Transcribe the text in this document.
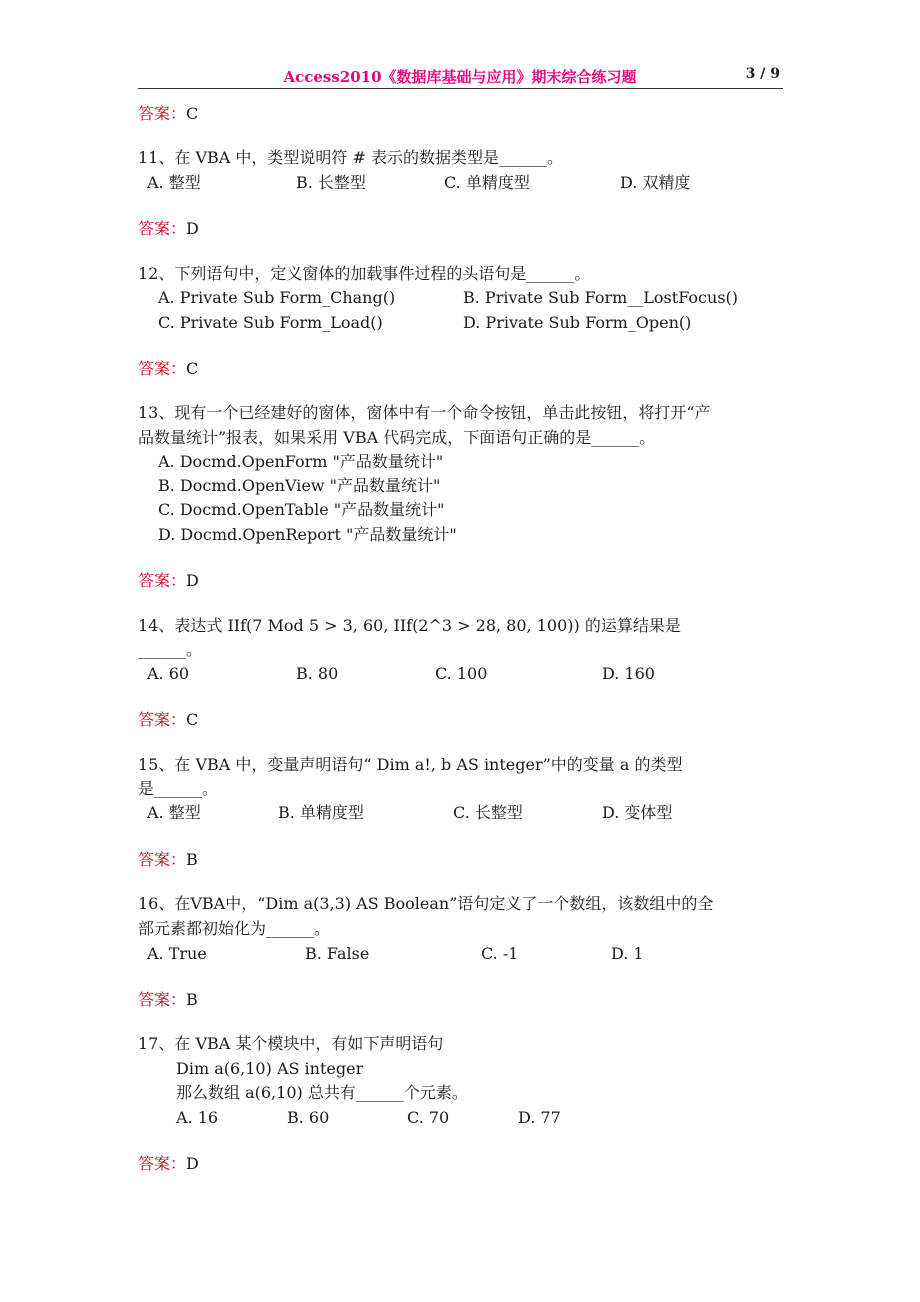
Access2010《数据库基础与应用》期末综合练习题	3 / 9
答案：C
11、在 VBA 中，类型说明符 # 表示的数据类型是______。
A. 整型	B. 长整型	C. 单精度型	D. 双精度
答案：D
12、下列语句中，定义窗体的加载事件过程的头语句是______。
A. Private Sub Form_Chang()	B. Private Sub Form__LostFocus()
C. Private Sub Form_Load()	D. Private Sub Form_Open()
答案：C
13、现有一个已经建好的窗体，窗体中有一个命令按钮，单击此按钮，将打开“产
品数量统计”报表，如果采用 VBA 代码完成，下面语句正确的是______。
A. Docmd.OpenForm "产品数量统计"
B. Docmd.OpenView "产品数量统计"
C. Docmd.OpenTable "产品数量统计"
D. Docmd.OpenReport "产品数量统计"
答案：D
14、表达式 IIf(7 Mod 5 > 3, 60, IIf(2^3 > 28, 80, 100)) 的运算结果是
______。
A. 60	B. 80	C. 100	D. 160
答案：C
15、在 VBA 中，变量声明语句“ Dim a!, b AS integer”中的变量 a 的类型
是______。
A. 整型	B. 单精度型	C. 长整型	D. 变体型
答案：B
16、在VBA中，“Dim a(3,3) AS Boolean”语句定义了一个数组，该数组中的全
部元素都初始化为______。
A. True	B. False	C. -1	D. 1
答案：B
17、在 VBA 某个模块中，有如下声明语句
Dim a(6,10) AS integer
那么数组 a(6,10) 总共有______个元素。
A. 16	B. 60	C. 70	D. 77
答案：D
